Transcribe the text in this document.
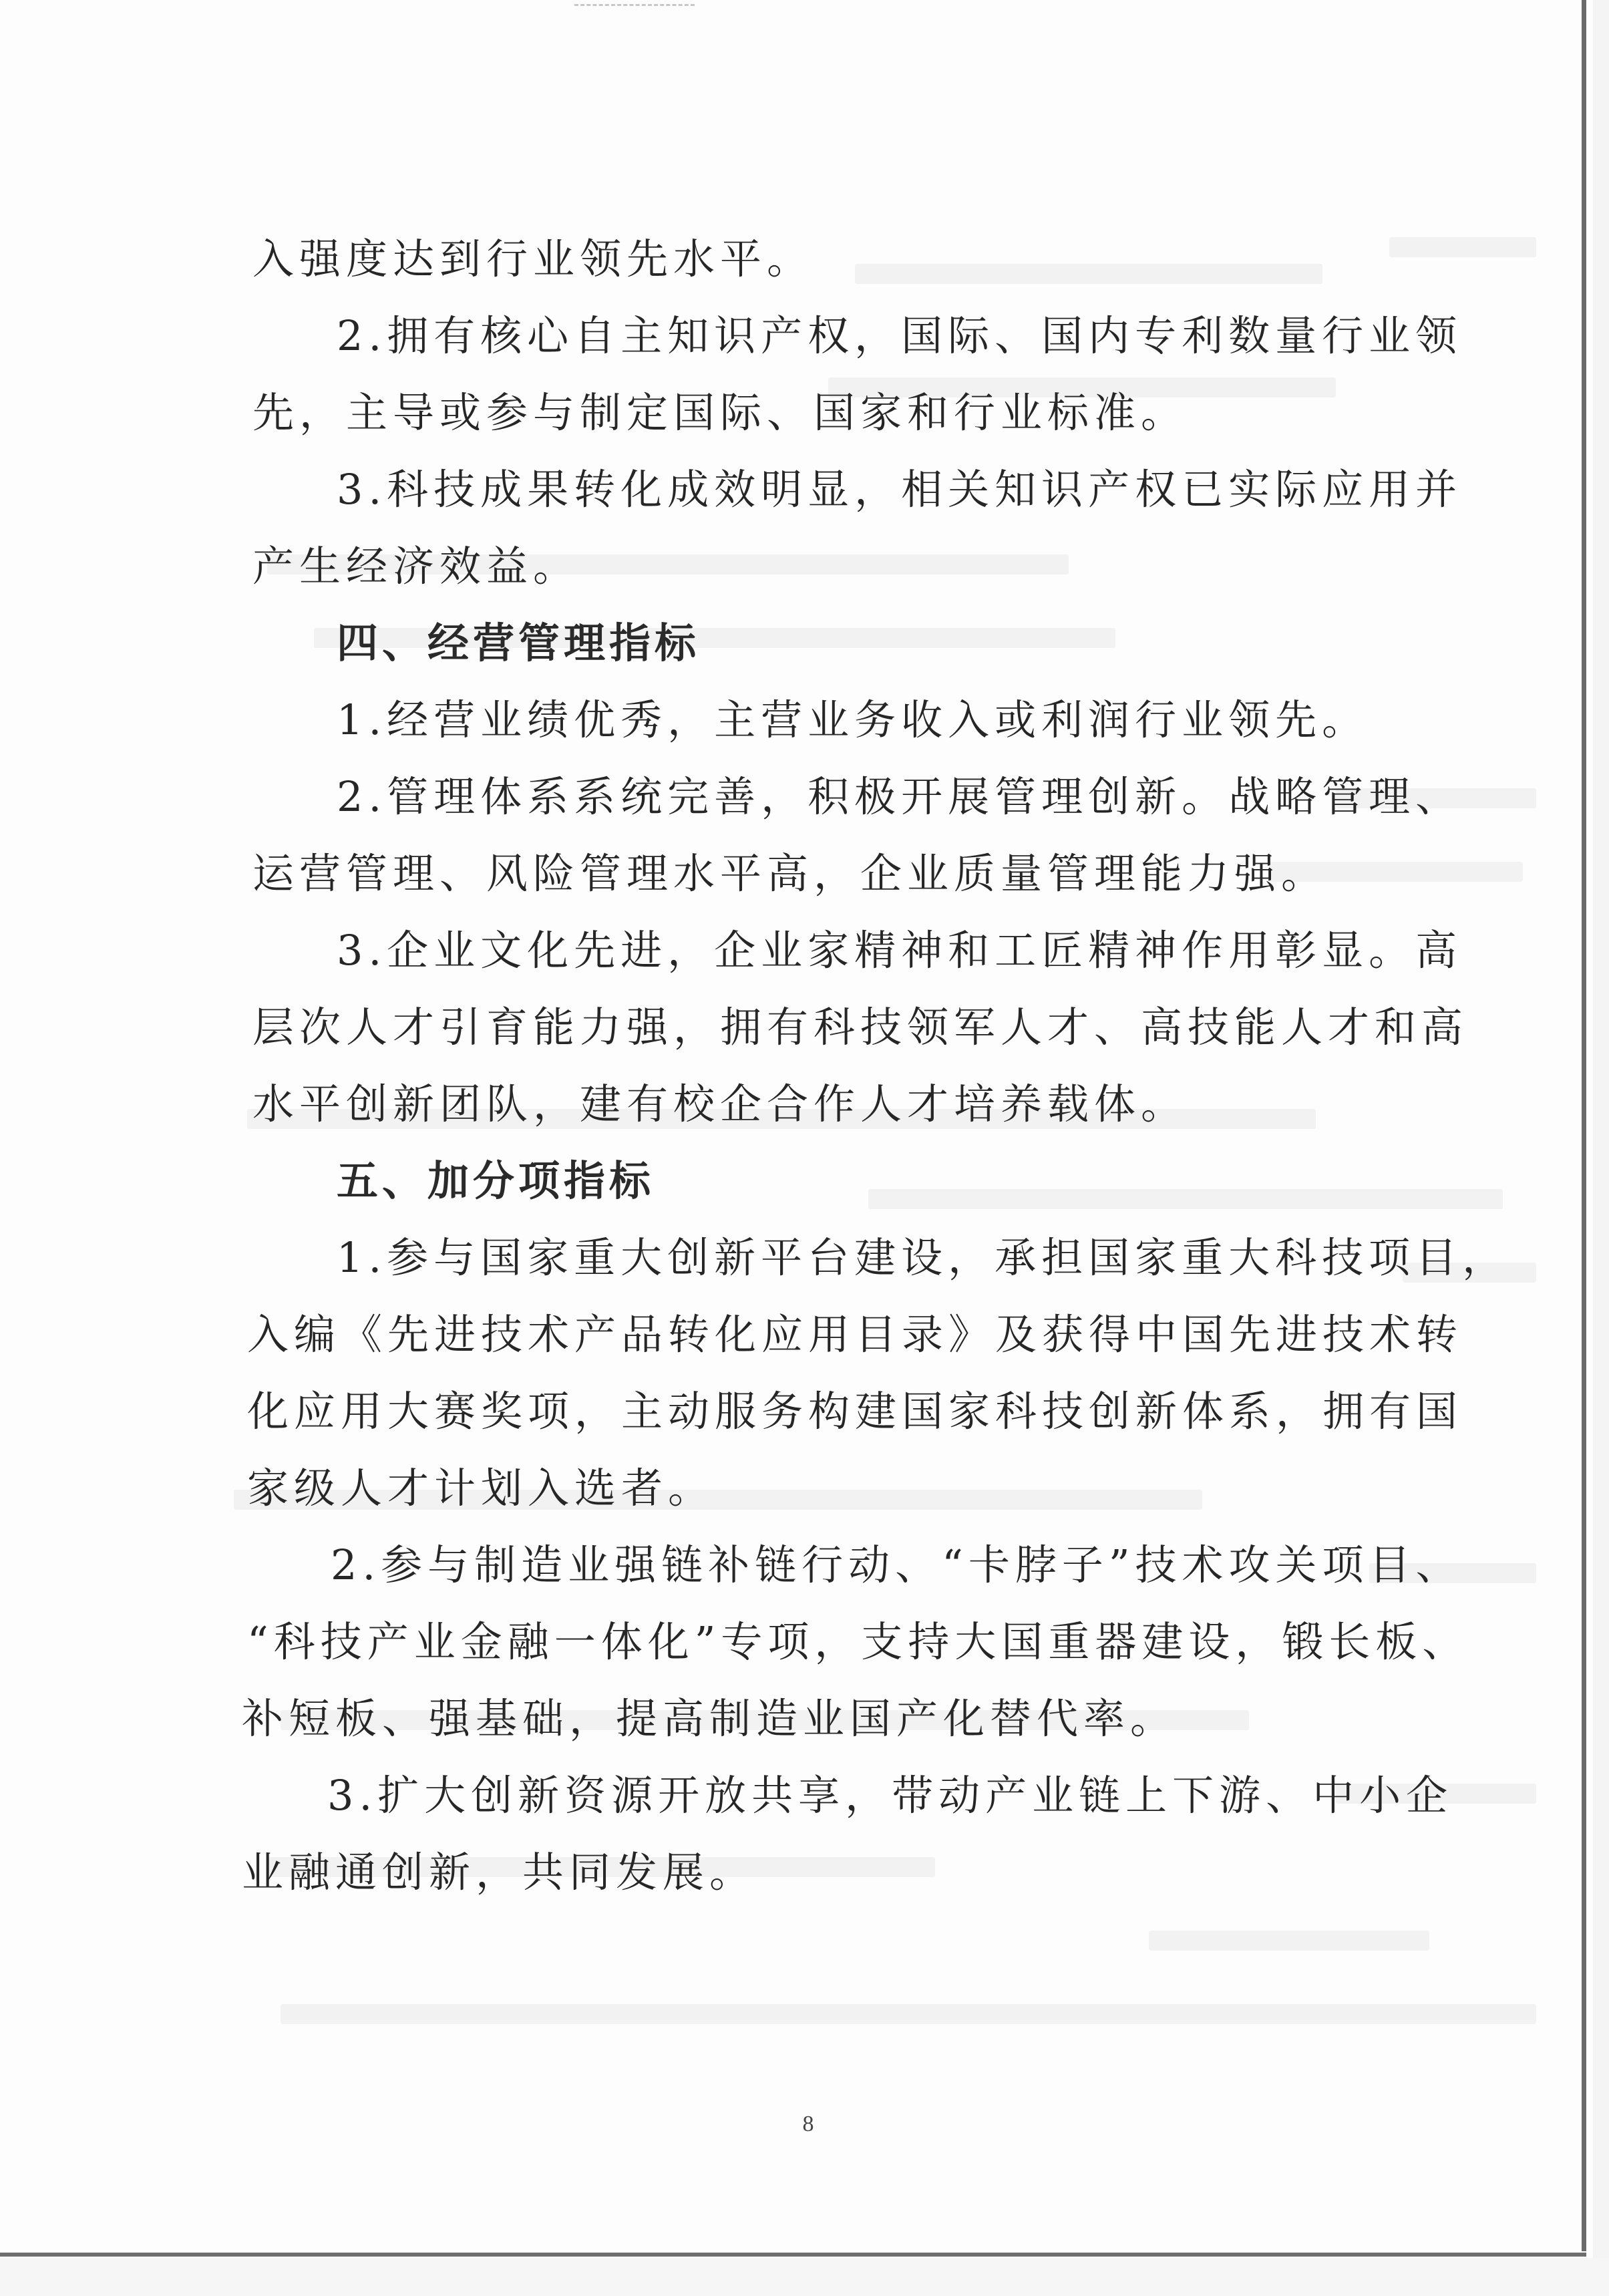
入强度达到行业领先水平。
2.拥有核心自主知识产权，国际、国内专利数量行业领
先，主导或参与制定国际、国家和行业标准。
3.科技成果转化成效明显，相关知识产权已实际应用并
产生经济效益。
四、经营管理指标
1.经营业绩优秀，主营业务收入或利润行业领先。
2.管理体系系统完善，积极开展管理创新。战略管理、
运营管理、风险管理水平高，企业质量管理能力强。
3.企业文化先进，企业家精神和工匠精神作用彰显。高
层次人才引育能力强，拥有科技领军人才、高技能人才和高
水平创新团队，建有校企合作人才培养载体。
五、加分项指标
1.参与国家重大创新平台建设，承担国家重大科技项目，
入编《先进技术产品转化应用目录》及获得中国先进技术转
化应用大赛奖项，主动服务构建国家科技创新体系，拥有国
家级人才计划入选者。
2.参与制造业强链补链行动、“卡脖子”技术攻关项目、
“科技产业金融一体化”专项，支持大国重器建设，锻长板、
补短板、强基础，提高制造业国产化替代率。
3.扩大创新资源开放共享，带动产业链上下游、中小企
业融通创新，共同发展。
8
